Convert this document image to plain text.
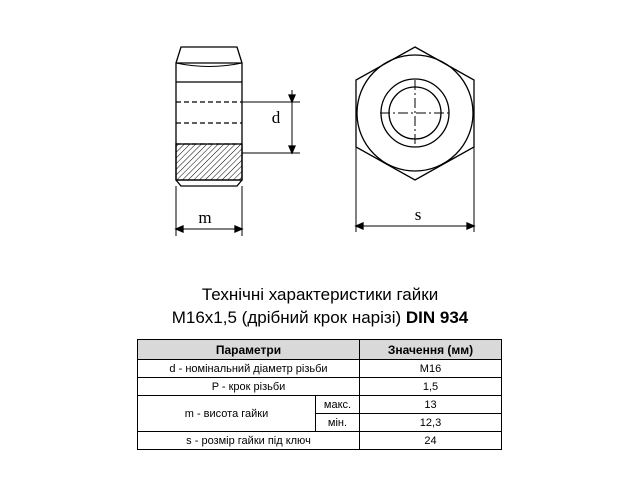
d
m	s
Технічні характеристики гайки
M16x1,5 (дрібний крок нарізі) DIN 934
Параметри		Значення (мм)
d - номінальний діаметр різьби		M16
P - крок різьби		1,5
m - висота гайки	макс.	13
	мін.	12,3
s - розмір гайки під ключ		24
